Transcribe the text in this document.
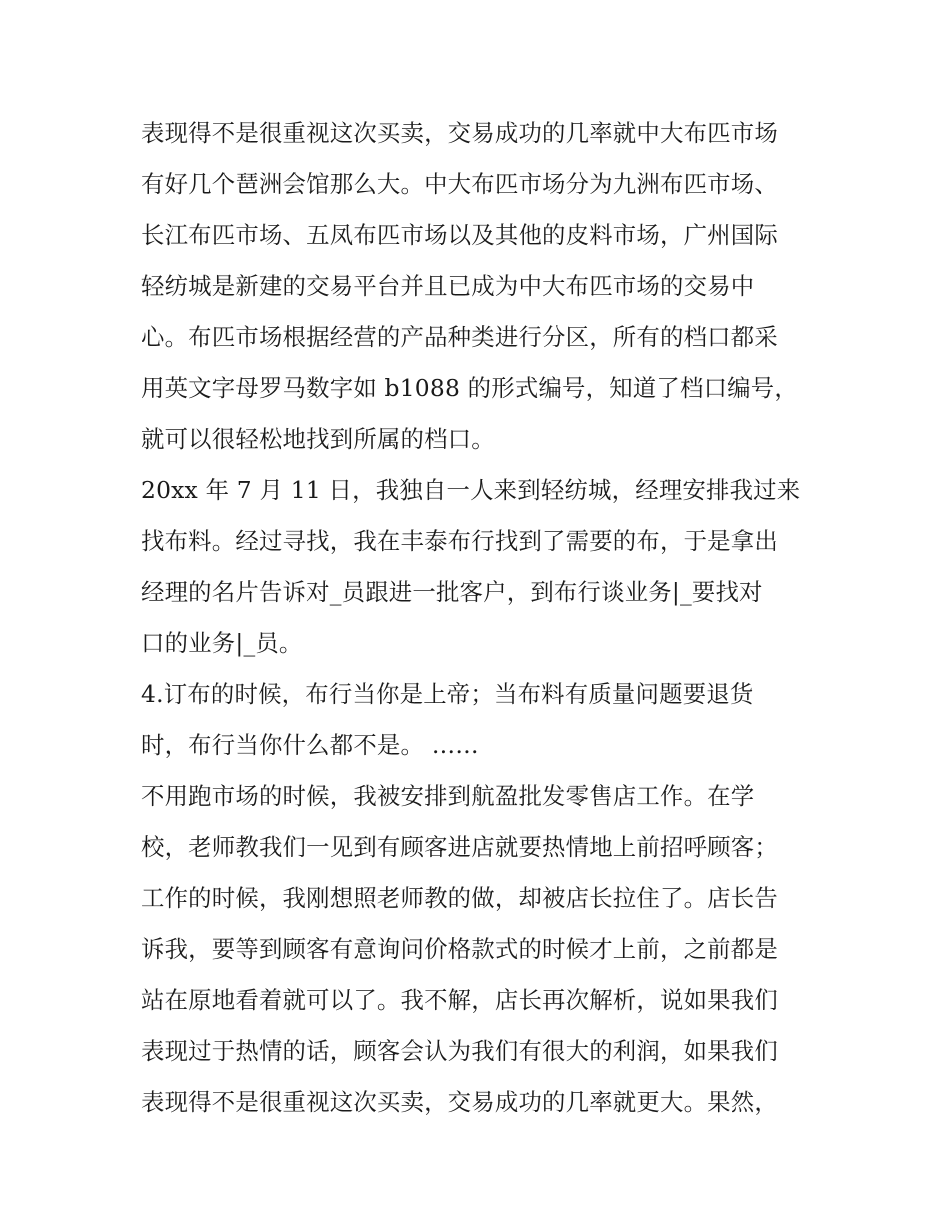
表现得不是很重视这次买卖，交易成功的几率就中大布匹市场
有好几个琶洲会馆那么大。中大布匹市场分为九洲布匹市场、
长江布匹市场、五凤布匹市场以及其他的皮料市场，广州国际
轻纺城是新建的交易平台并且已成为中大布匹市场的交易中
心。布匹市场根据经营的产品种类进行分区，所有的档口都采
用英文字母罗马数字如 b1088 的形式编号，知道了档口编号，
就可以很轻松地找到所属的档口。
20xx 年 7 月 11 日，我独自一人来到轻纺城，经理安排我过来
找布料。经过寻找，我在丰泰布行找到了需要的布，于是拿出
经理的名片告诉对_员跟进一批客户，到布行谈业务|_要找对
口的业务|_员。
4.订布的时候，布行当你是上帝；当布料有质量问题要退货
时，布行当你什么都不是。 ……
不用跑市场的时候，我被安排到航盈批发零售店工作。在学
校，老师教我们一见到有顾客进店就要热情地上前招呼顾客；
工作的时候，我刚想照老师教的做，却被店长拉住了。店长告
诉我，要等到顾客有意询问价格款式的时候才上前，之前都是
站在原地看着就可以了。我不解，店长再次解析，说如果我们
表现过于热情的话，顾客会认为我们有很大的利润，如果我们
表现得不是很重视这次买卖，交易成功的几率就更大。果然，
